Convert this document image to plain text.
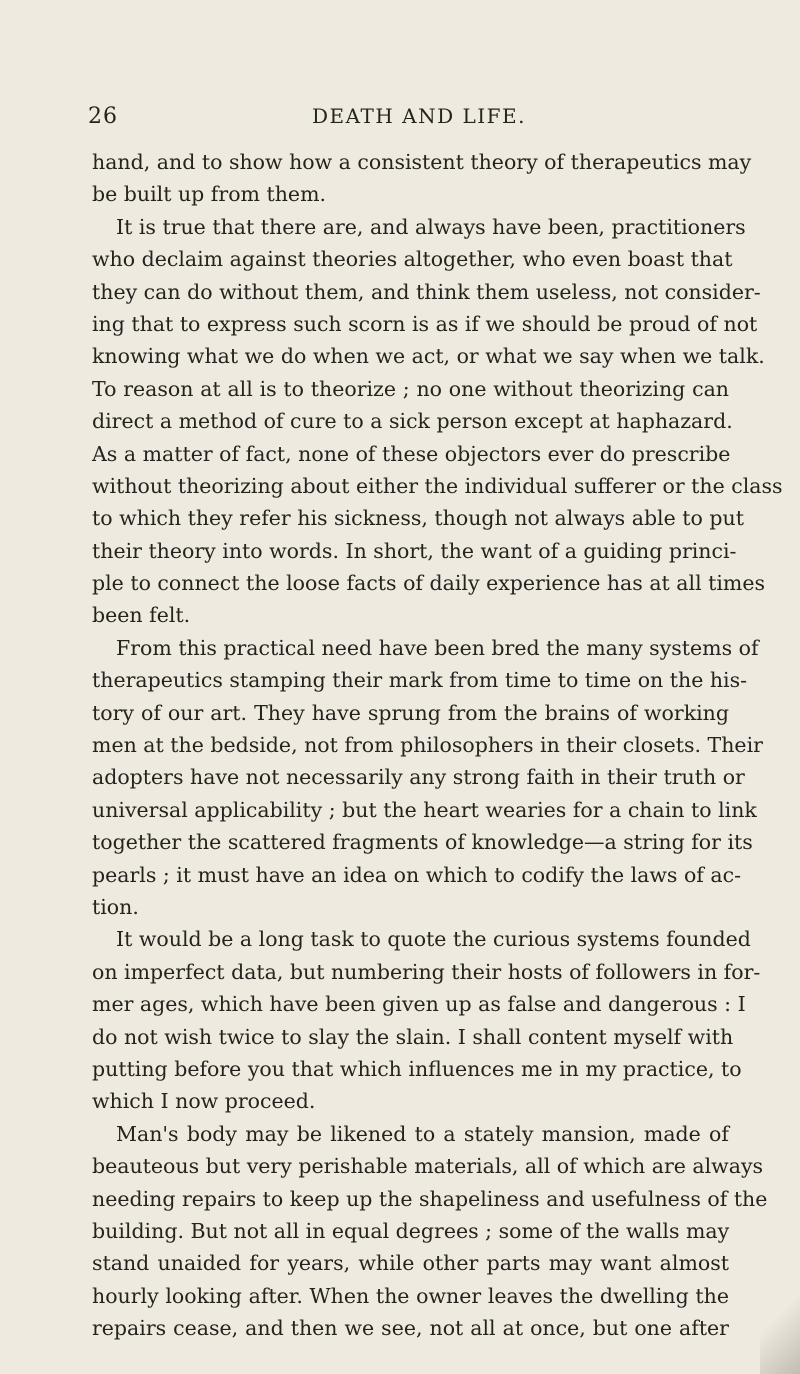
26	DEATH AND LIFE.
hand, and to show how a consistent theory of therapeutics may
be built up from them.
It is true that there are, and always have been, practitioners
who declaim against theories altogether, who even boast that
they can do without them, and think them useless, not consider-
ing that to express such scorn is as if we should be proud of not
knowing what we do when we act, or what we say when we talk.
To reason at all is to theorize ; no one without theorizing can
direct a method of cure to a sick person except at haphazard.
As a matter of fact, none of these objectors ever do prescribe
without theorizing about either the individual sufferer or the class
to which they refer his sickness, though not always able to put
their theory into words. In short, the want of a guiding princi-
ple to connect the loose facts of daily experience has at all times
been felt.
From this practical need have been bred the many systems of
therapeutics stamping their mark from time to time on the his-
tory of our art. They have sprung from the brains of working
men at the bedside, not from philosophers in their closets. Their
adopters have not necessarily any strong faith in their truth or
universal applicability ; but the heart wearies for a chain to link
together the scattered fragments of knowledge—a string for its
pearls ; it must have an idea on which to codify the laws of ac-
tion.
It would be a long task to quote the curious systems founded
on imperfect data, but numbering their hosts of followers in for-
mer ages, which have been given up as false and dangerous : I
do not wish twice to slay the slain. I shall content myself with
putting before you that which influences me in my practice, to
which I now proceed.
Man's body may be likened to a stately mansion, made of
beauteous but very perishable materials, all of which are always
needing repairs to keep up the shapeliness and usefulness of the
building. But not all in equal degrees ; some of the walls may
stand unaided for years, while other parts may want almost
hourly looking after. When the owner leaves the dwelling the
repairs cease, and then we see, not all at once, but one after
